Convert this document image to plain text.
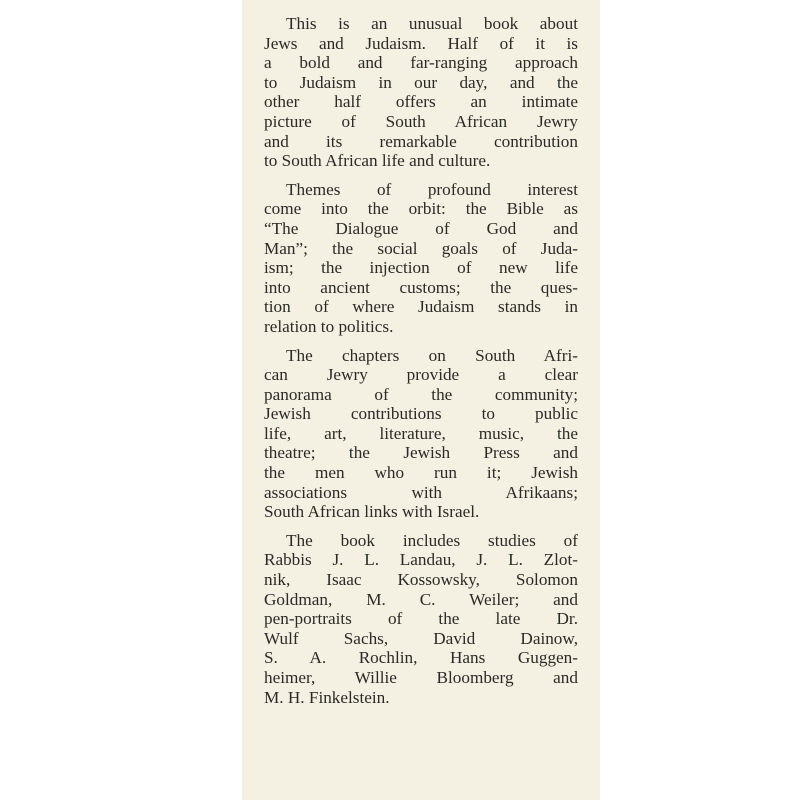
This is an unusual book about
Jews and Judaism. Half of it is
a bold and far-ranging approach
to Judaism in our day, and the
other half offers an intimate
picture of South African Jewry
and its remarkable contribution
to South African life and culture.
Themes of profound interest
come into the orbit: the Bible as
“The Dialogue of God and
Man”; the social goals of Juda-
ism; the injection of new life
into ancient customs; the ques-
tion of where Judaism stands in
relation to politics.
The chapters on South Afri-
can Jewry provide a clear
panorama of the community;
Jewish contributions to public
life, art, literature, music, the
theatre; the Jewish Press and
the men who run it; Jewish
associations with Afrikaans;
South African links with Israel.
The book includes studies of
Rabbis J. L. Landau, J. L. Zlot-
nik, Isaac Kossowsky, Solomon
Goldman, M. C. Weiler; and
pen-portraits of the late Dr.
Wulf Sachs, David Dainow,
S. A. Rochlin, Hans Guggen-
heimer, Willie Bloomberg and
M. H. Finkelstein.
